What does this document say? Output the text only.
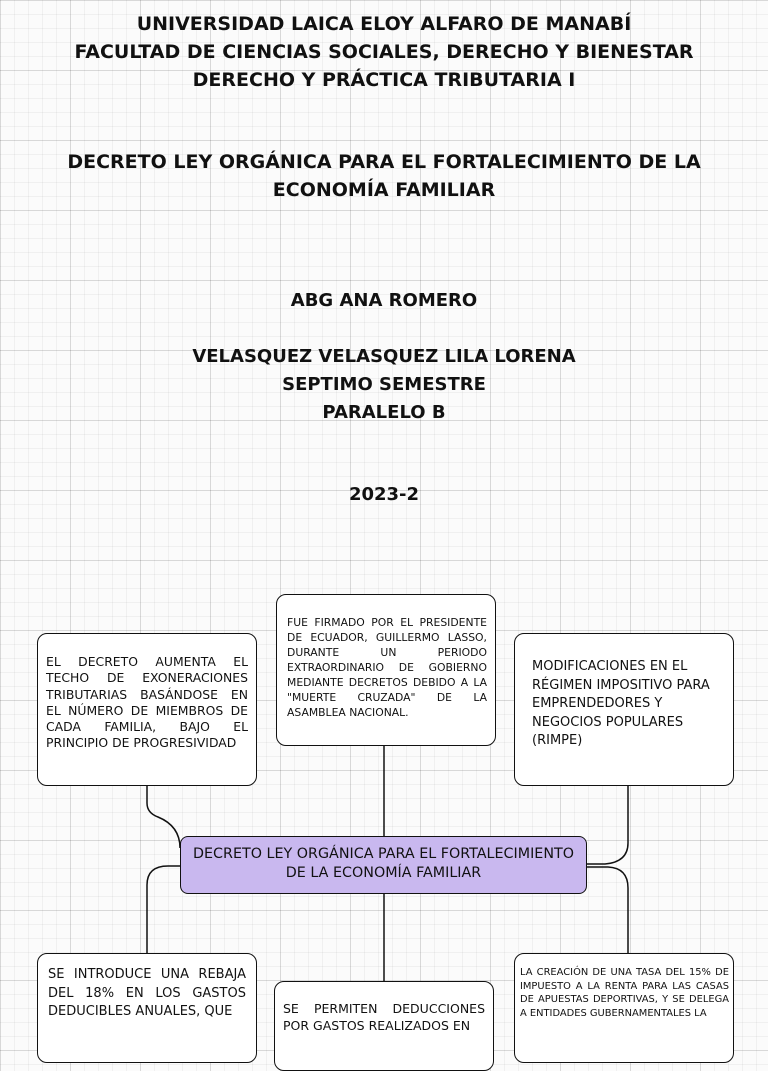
UNIVERSIDAD LAICA ELOY ALFARO DE MANABÍ
FACULTAD DE CIENCIAS SOCIALES, DERECHO Y BIENESTAR
DERECHO Y PRÁCTICA TRIBUTARIA I
DECRETO LEY ORGÁNICA PARA EL FORTALECIMIENTO DE LA ECONOMÍA FAMILIAR
ABG ANA ROMERO
VELASQUEZ VELASQUEZ LILA LORENA
SEPTIMO SEMESTRE
PARALELO B
2023-2
EL DECRETO AUMENTA EL TECHO DE EXONERACIONES TRIBUTARIAS BASÁNDOSE EN EL NÚMERO DE MIEMBROS DE CADA FAMILIA, BAJO EL PRINCIPIO DE PROGRESIVIDAD
FUE FIRMADO POR EL PRESIDENTE DE ECUADOR, GUILLERMO LASSO, DURANTE UN PERIODO EXTRAORDINARIO DE GOBIERNO MEDIANTE DECRETOS DEBIDO A LA "MUERTE CRUZADA" DE LA ASAMBLEA NACIONAL.
MODIFICACIONES EN EL RÉGIMEN IMPOSITIVO PARA EMPRENDEDORES Y NEGOCIOS POPULARES (RIMPE)
DECRETO LEY ORGÁNICA PARA EL FORTALECIMIENTO DE LA ECONOMÍA FAMILIAR
SE INTRODUCE UNA REBAJA DEL 18% EN LOS GASTOS DEDUCIBLES ANUALES, QUE	SE PERMITEN DEDUCCIONES POR GASTOS REALIZADOS EN
LA CREACIÓN DE UNA TASA DEL 15% DE IMPUESTO A LA RENTA PARA LAS CASAS DE APUESTAS DEPORTIVAS, Y SE DELEGA A ENTIDADES GUBERNAMENTALES LA
